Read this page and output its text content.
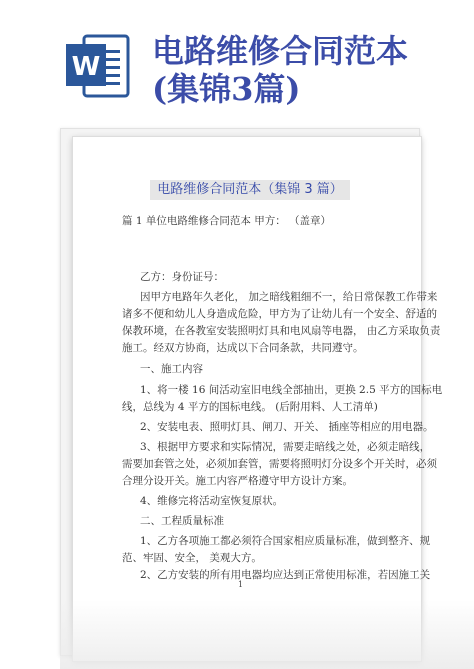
W 电路维修合同范本
(集锦3篇)
电路维修合同范本（集锦 3 篇）
篇 1 单位电路维修合同范本 甲方： （盖章）
乙方：身份证号：
因甲方电路年久老化， 加之暗线粗细不一，给日常保教工作带来
诸多不便和幼儿人身造成危险，甲方为了让幼儿有一个安全、舒适的
保教环境，在各教室安装照明灯具和电风扇等电器， 由乙方采取负责
施工。经双方协商，达成以下合同条款，共同遵守。
一、施工内容
1、将一楼 16 间活动室旧电线全部抽出，更换 2.5 平方的国标电
线，总线为 4 平方的国标电线。 (后附用料、人工清单)
2、安装电表、照明灯具、闸刀、开关、 插座等相应的用电器。
3、根据甲方要求和实际情况，需要走暗线之处，必须走暗线，
需要加套管之处，必须加套管，需要将照明灯分设多个开关时，必须
合理分设开关。施工内容严格遵守甲方设计方案。
4、维修完将活动室恢复原状。
二、工程质量标准
1、乙方各项施工都必须符合国家相应质量标准，做到整齐、规
范、牢固、安全， 美观大方。
2、乙方安装的所有用电器均应达到正常使用标准，若因施工关
1
